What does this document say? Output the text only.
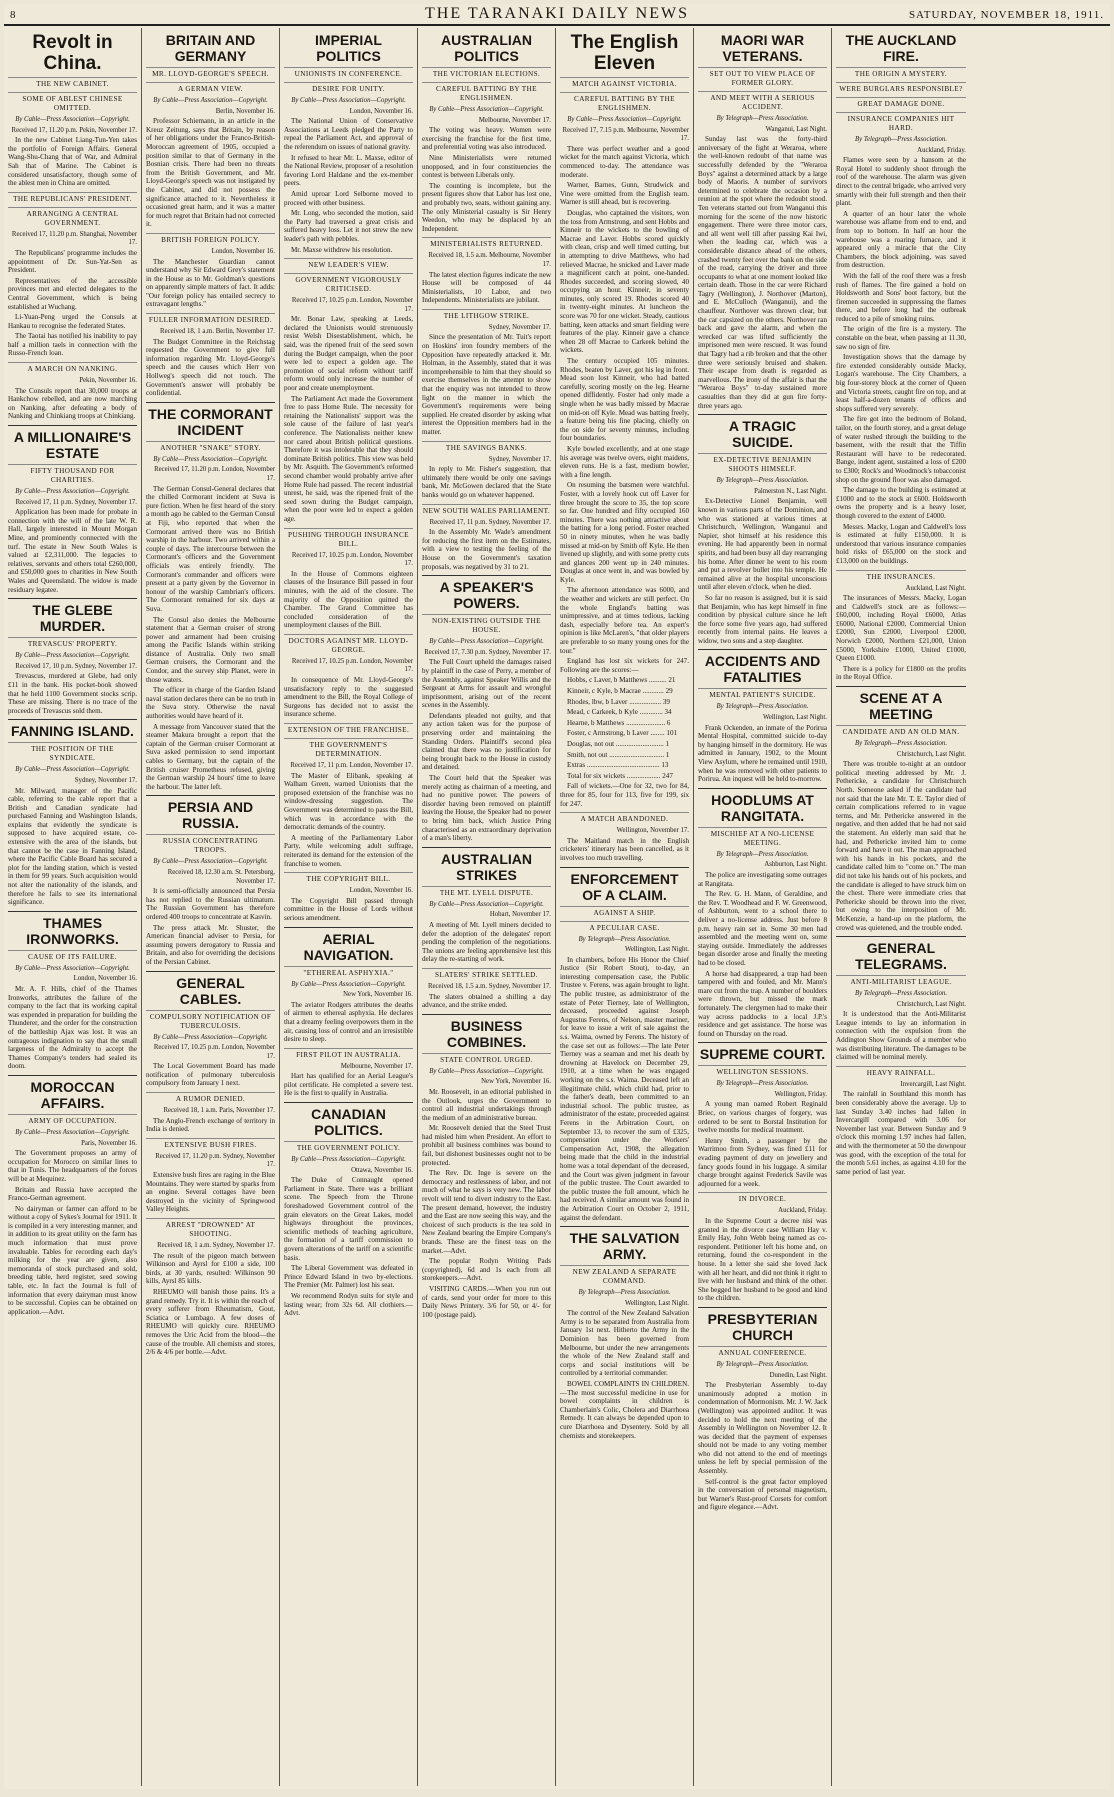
8	THE TARANAKI DAILY NEWS	SATURDAY, NOVEMBER 18, 1911.
Revolt in China.
THE NEW CABINET.
SOME OF ABLEST CHINESE OMITTED.
By Cable—Press Association—Copyright.
Received 17, 11.20 p.m. Pekin, November 17.

In the new Cabinet Liang-Tun-Yen takes the portfolio of Foreign Affairs. General Wang-Shu-Chang that of War, and Admiral Sah that of Marine. The Cabinet is considered unsatisfactory, though some of the ablest men in China are omitted.

THE REPUBLICANS' PRESIDENT.
ARRANGING A CENTRAL GOVERNMENT.
Received 17, 11.20 p.m. Shanghai, November 17.

The Republicans' programme includes the appointment of Dr. Sun-Yat-Sen as President.

Representatives of the accessible provinces met and elected delegates to the Central Government, which is being established at Wuchang.

Li-Yuan-Peng urged the Consuls at Hankau to recognise the federated States.

The Taotai has notified his inability to pay half a million taels in connection with the Russo-French loan.

A MARCH ON NANKING.
Pekin, November 16.

The Consuls report that 30,000 troops at Hankchow rebelled, and are now marching on Nanking, after defeating a body of Nanking and Chinkiang troops at Chinkiang.

A MILLIONAIRE'S ESTATE
FIFTY THOUSAND FOR CHARITIES.
By Cable—Press Association—Copyright.
Received 17, 11 p.m. Sydney, November 17.

Application has been made for probate in connection with the will of the late W. R. Hall, largely interested in Mount Morgan Mine, and prominently connected with the turf. The estate in New South Wales is valued at £2,311,000. The legacies to relatives, servants and others total £260,000, and £50,000 goes to charities in New South Wales and Queensland. The widow is made residuary legatee.

THE GLEBE MURDER.
TREVASCUS' PROPERTY.
By Cable—Press Association—Copyright.
Received 17, 10 p.m. Sydney, November 17.

Trevascus, murdered at Glebe, had only £11 in the bank. His pocket-book showed that he held 1100 Government stocks scrip. These are missing. There is no trace of the proceeds of Trevascus sold them.

FANNING ISLAND.
THE POSITION OF THE SYNDICATE.
By Cable—Press Association—Copyright.
Sydney, November 17.

Mr. Milward, manager of the Pacific cable, referring to the cable report that a British and Canadian syndicate had purchased Fanning and Washington Islands, explains that evidently the syndicate is supposed to have acquired estate, co-extensive with the area of the islands, but that cannot be the case in Fanning Island, where the Pacific Cable Board has secured a plot for the landing station, which is vested in them for 99 years. Such acquisition would not alter the nationality of the islands, and therefore he fails to see its international significance.

THAMES IRONWORKS.
CAUSE OF ITS FAILURE.
By Cable—Press Association—Copyright.
London, November 16.

Mr. A. F. Hills, chief of the Thames Ironworks, attributes the failure of the company to the fact that its working capital was expended in preparation for building the Thunderer, and the order for the construction of the battleship Ajax was lost. It was an outrageous indignation to say that the small largeness of the Admiralty to accept the Thames Company's tenders had sealed its doom.

MOROCCAN AFFAIRS.
ARMY OF OCCUPATION.
By Cable—Press Association—Copyright.
Paris, November 16.

The Government proposes an army of occupation for Morocco on similar lines to that in Tunis. The headquarters of the forces will be at Mequinez.

Britain and Russia have accepted the Franco-German agreement.

No dairyman or farmer can afford to be without a copy of Sykes's Journal for 1911. It is compiled in a very interesting manner, and in addition to its great utility on the farm has much information that must prove invaluable. Tables for recording each day's milking for the year are given, also memoranda of stock purchased and sold, breeding table, herd register, seed sowing table, etc. In fact the Journal is full of information that every dairyman must know to be successful. Copies can be obtained on application.—Advt.

BRITAIN AND GERMANY
MR. LLOYD-GEORGE'S SPEECH.
A GERMAN VIEW.
By Cable—Press Association—Copyright.
Berlin, November 16.

Professor Schiemann, in an article in the Kreuz Zeitung, says that Britain, by reason of her obligations under the Franco-British-Moroccan agreement of 1905, occupied a position similar to that of Germany in the Bosnian crisis. There had been no threats from the British Government, and Mr. Lloyd-George's speech was not instigated by the Cabinet, and did not possess the significance attached to it. Nevertheless it occasioned great harm, and it was a matter for much regret that Britain had not corrected it.

BRITISH FOREIGN POLICY.
London, November 16.

The Manchester Guardian cannot understand why Sir Edward Grey's statement in the House as to Mr. Goldman's questions on apparently simple matters of fact. It adds: "Our foreign policy has entailed secrecy to extravagant lengths."

FULLER INFORMATION DESIRED.
Received 18, 1 a.m. Berlin, November 17.

The Budget Committee in the Reichstag requested the Government to give full information regarding Mr. Lloyd-George's speech and the causes which Herr von Hollweg's speech did not touch. The Government's answer will probably be confidential.

THE CORMORANT INCIDENT
ANOTHER "SNAKE" STORY.
By Cable—Press Association—Copyright.
Received 17, 11.20 p.m. London, November 17.

The German Consul-General declares that the chilled Cormorant incident at Suva is pure fiction. When he first heard of the story a month ago he cabled to the German Consul at Fiji, who reported that when the Cormorant arrived there was no British warship in the harbour. Two arrived within a couple of days. The intercourse between the Cormorant's officers and the Government officials was entirely friendly. The Cormorant's commander and officers were present at a party given by the Governor in honour of the warship Cambrian's officers. The Cormorant remained for six days at Suva.

The Consul also denies the Melbourne statement that a German cruiser of strong power and armament had been cruising among the Pacific Islands within striking distance of Australia. Only two small German cruisers, the Cormorant and the Condor, and the survey ship Planet, were in those waters.

The officer in charge of the Garden Island naval station declares there can be no truth in the Suva story. Otherwise the naval authorities would have heard of it.

A message from Vancouver stated that the steamer Makura brought a report that the captain of the German cruiser Cormorant at Suva asked permission to send important cables to Germany, but the captain of the British cruiser Prometheus refused, giving the German warship 24 hours' time to leave the harbour. The latter left.

PERSIA AND RUSSIA.
RUSSIA CONCENTRATING TROOPS.
By Cable—Press Association—Copyright.
Received 18, 12.30 a.m. St. Petersburg, November 17.

It is semi-officially announced that Persia has not replied to the Russian ultimatum. The Russian Government has therefore ordered 400 troops to concentrate at Kasvin.

The press attack Mr. Shuster, the American financial adviser to Persia, for assuming powers derogatory to Russia and Britain, and also for overriding the decisions of the Persian Cabinet.

GENERAL CABLES.
COMPULSORY NOTIFICATION OF TUBERCULOSIS.
By Cable—Press Association—Copyright.
Received 17, 10.25 p.m. London, November 17.

The Local Government Board has made notification of pulmonary tuberculosis compulsory from January 1 next.

A RUMOR DENIED.
Received 18, 1 a.m. Paris, November 17.

The Anglo-French exchange of territory in India is denied.

EXTENSIVE BUSH FIRES.
Received 17, 11.20 p.m. Sydney, November 17.

Extensive bush fires are raging in the Blue Mountains. They were started by sparks from an engine. Several cottages have been destroyed in the vicinity of Springwood Valley Heights.

ARREST "DROWNED" AT SHOOTING.
Received 18, 1 a.m. Sydney, November 17.

The result of the pigeon match between Wilkinson and Ayrsl for £100 a side, 100 birds, at 30 yards, resulted: Wilkinson 90 kills, Ayrsl 85 kills.

RHEUMO will banish those pains. It's a grand remedy. Try it. It is within the reach of every sufferer from Rheumatism, Gout, Sciatica or Lumbago. A few doses of RHEUMO will quickly cure. RHEUMO removes the Uric Acid from the blood—the cause of the trouble. All chemists and stores, 2/6 & 4/6 per bottle.—Advt.

IMPERIAL POLITICS
UNIONISTS IN CONFERENCE.
DESIRE FOR UNITY.
By Cable—Press Association—Copyright.
London, November 16.

The National Union of Conservative Associations at Leeds pledged the Party to repeal the Parliament Act, and approval of the referendum on issues of national gravity.

It refused to hear Mr. L. Maxse, editor of the National Review, proposer of a resolution favoring Lord Haldane and the ex-member peers.

Amid uproar Lord Selborne moved to proceed with other business.

Mr. Long, who seconded the motion, said the Party had traversed a great crisis and suffered heavy loss. Let it not strew the new leader's path with pebbles.

Mr. Maxse withdrew his resolution.

NEW LEADER'S VIEW.
GOVERNMENT VIGOROUSLY CRITICISED.
Received 17, 10.25 p.m. London, November 17.

Mr. Bonar Law, speaking at Leeds, declared the Unionists would strenuously resist Welsh Disestablishment, which, he said, was the ripened fruit of the seed sown during the Budget campaign, when the poor were led to expect a golden age. The promotion of social reform without tariff reform would only increase the number of poor and create unemployment.

The Parliament Act made the Government free to pass Home Rule. The necessity for retaining the Nationalists' support was the sole cause of the failure of last year's conference. The Nationalists neither knew nor cared about British political questions. Therefore it was intolerable that they should dominate British politics. This view was held by Mr. Asquith. The Government's reformed second chamber would probably arrive after Home Rule had passed. The recent industrial unrest, he said, was the ripened fruit of the seed sown during the Budget campaign, when the poor were led to expect a golden age.

PUSHING THROUGH INSURANCE BILL.
Received 17, 10.25 p.m. London, November 17.

In the House of Commons eighteen clauses of the Insurance Bill passed in four minutes, with the aid of the closure. The majority of the Opposition quitted the Chamber. The Grand Committee has concluded consideration of the unemployment clauses of the Bill.

DOCTORS AGAINST MR. LLOYD-GEORGE.
Received 17, 10.25 p.m. London, November 17.

In consequence of Mr. Lloyd-George's unsatisfactory reply to the suggested amendment to the Bill, the Royal College of Surgeons has decided not to assist the insurance scheme.

EXTENSION OF THE FRANCHISE.
THE GOVERNMENT'S DETERMINATION.
Received 17, 11 p.m. London, November 17.

The Master of Elibank, speaking at Walham Green, warned Unionists that the proposed extension of the franchise was no window-dressing suggestion. The Government was determined to pass the Bill, which was in accordance with the democratic demands of the country.

A meeting of the Parliamentary Labor Party, while welcoming adult suffrage, reiterated its demand for the extension of the franchise to women.

THE COPYRIGHT BILL.
London, November 16.

The Copyright Bill passed through committee in the House of Lords without serious amendment.

AERIAL NAVIGATION.
"ETHEREAL ASPHYXIA."
By Cable—Press Association—Copyright.
New York, November 16.

The aviator Rodgers attributes the deaths of airmen to ethereal asphyxia. He declares that a dreamy feeling overpowers them in the air, causing loss of control and an irresistible desire to sleep.

FIRST PILOT IN AUSTRALIA.
Melbourne, November 17.

Hart has qualified for an Aerial League's pilot certificate. He completed a severe test. He is the first to qualify in Australia.

CANADIAN POLITICS.
THE GOVERNMENT POLICY.
By Cable—Press Association—Copyright.
Ottawa, November 16.

The Duke of Connaught opened Parliament in State. There was a brilliant scene. The Speech from the Throne foreshadowed Government control of the grain elevators on the Great Lakes, model highways throughout the provinces, scientific methods of teaching agriculture, the formation of a tariff commission to govern alterations of the tariff on a scientific basis.

The Liberal Government was defeated in Prince Edward Island in two by-elections. The Premier (Mr. Palmer) lost his seat.

We recommend Rodyn suits for style and lasting wear; from 32s 6d. All clothiers.—Advt.

AUSTRALIAN POLITICS
THE VICTORIAN ELECTIONS.
CAREFUL BATTING BY THE ENGLISHMEN.
By Cable—Press Association—Copyright.
Melbourne, November 17.

The voting was heavy. Women were exercising the franchise for the first time, and preferential voting was also introduced.

Nine Ministerialists were returned unopposed, and in four constituencies the contest is between Liberals only.

The counting is incomplete, but the present figures show that Labor has lost one, and probably two, seats, without gaining any. The only Ministerial casualty is Sir Henry Weedon, who may be displaced by an Independent.

MINISTERIALISTS RETURNED.
Received 18, 1.5 a.m. Melbourne, November 17.

The latest election figures indicate the new House will be composed of 44 Ministerialists, 10 Labor, and two Independents. Ministerialists are jubilant.

THE LITHGOW STRIKE.
Sydney, November 17.

Since the presentation of Mr. Tuit's report on Hoskins' iron foundry members of the Opposition have repeatedly attacked it. Mr. Holman, in the Assembly, stated that it was incomprehensible to him that they should so exercise themselves in the attempt to show that the enquiry was not intended to throw light on the manner in which the Government's requirements were being supplied. He created disorder by asking what interest the Opposition members had in the matter.

THE SAVINGS BANKS.
Sydney, November 17.

In reply to Mr. Fisher's suggestion, that ultimately there would be only one savings bank, Mr. McGowen declared that the State banks would go on whatever happened.

NEW SOUTH WALES PARLIAMENT.
Received 17, 11 p.m. Sydney, November 17.

In the Assembly Mr. Wade's amendment for reducing the first item on the Estimates, with a view to testing the feeling of the House on the Government's taxation proposals, was negatived by 31 to 21.

A SPEAKER'S POWERS.
NON-EXISTING OUTSIDE THE HOUSE.
By Cable—Press Association—Copyright.
Received 17, 7.30 p.m. Sydney, November 17.

The Full Court upheld the damages raised by plaintiff in the case of Perry, a member of the Assembly, against Speaker Willis and the Sergeant at Arms for assault and wrongful imprisonment, arising out of the recent scenes in the Assembly.

Defendants pleaded not guilty, and that any action taken was for the purpose of preserving order and maintaining the Standing Orders. Plaintiff's second plea claimed that there was no justification for being brought back to the House in custody and detained.

The Court held that the Speaker was merely acting as chairman of a meeting, and had no punitive power. The powers of disorder having been removed on plaintiff leaving the House, the Speaker had no power to bring him back, which Justice Pring characterised as an extraordinary deprivation of a man's liberty.

AUSTRALIAN STRIKES
THE MT. LYELL DISPUTE.
By Cable—Press Association—Copyright.
Hobart, November 17.

A meeting of Mt. Lyell miners decided to defer the adoption of the delegates' report pending the completion of the negotiations. The unions are feeling apprehensive lest this delay the re-starting of work.

SLATERS' STRIKE SETTLED.
Received 18, 1.5 a.m. Sydney, November 17.

The slaters obtained a shilling a day advance, and the strike ended.

BUSINESS COMBINES.
STATE CONTROL URGED.
By Cable—Press Association—Copyright.
New York, November 16.

Mr. Roosevelt, in an editorial published in the Outlook, urges the Government to control all industrial undertakings through the medium of an administrative bureau.

Mr. Roosevelt denied that the Steel Trust had misled him when President. An effort to prohibit all business combines was bound to fail, but dishonest businesses ought not to be protected.

The Rev. Dr. Inge is severe on the democracy and restlessness of labor, and not much of what he says is very new. The labor revolt will tend to divert industry to the East. The present demand, however, the industry and the East are now seeing this way, and the choicest of such products is the tea sold in New Zealand bearing the Empire Company's brands. These are the finest teas on the market.—Advt.

The popular Rodyn Writing Pads (copyrighted), 6d and 1s each from all storekeepers.—Advt.

VISITING CARDS.—When you run out of cards, send your order for more to this Daily News Printery. 3/6 for 50, or 4/- for 100 (postage paid).

The English Eleven
MATCH AGAINST VICTORIA.
CAREFUL BATTING BY THE ENGLISHMEN.
By Cable—Press Association—Copyright.
Received 17, 7.15 p.m. Melbourne, November 17.

There was perfect weather and a good wicket for the match against Victoria, which commenced to-day. The attendance was moderate.

Warner, Barnes, Gunn, Strudwick and Vine were omitted from the English team. Warner is still ahead, but is recovering.

Douglas, who captained the visitors, won the toss from Armstrong, and sent Hobbs and Kinneir to the wickets to the bowling of Macrae and Laver. Hobbs scored quickly with clean, crisp and well timed cutting, but in attempting to drive Matthews, who had relieved Macrae, he snicked and Laver made a magnificent catch at point, one-handed. Rhodes succeeded, and scoring slowed, 40 occupying an hour. Kinneir, in seventy minutes, only scored 19. Rhodes scored 40 in twenty-eight minutes. At luncheon the score was 70 for one wicket. Steady, cautious batting, keen attacks and smart fielding were features of the play. Kinneir gave a chance when 28 off Macrae to Carkeek behind the wickets.

The century occupied 105 minutes. Rhodes, beaten by Laver, got his leg in front. Mead soon lost Kinneir, who had batted carefully, scoring mostly on the leg. Hearne opened diffidently. Foster had only made a single when he was badly missed by Macrae on mid-on off Kyle. Mead was batting freely, a feature being his fine placing, chiefly on the on side for seventy minutes, including four boundaries.

Kyle bowled excellently, and at one stage his average was twelve overs, eight maidens, eleven runs. He is a fast, medium bowler, with a fine length.

On resuming the batsmen were watchful. Foster, with a lovely hook cut off Laver for three brought the score to 35, the top score so far. One hundred and fifty occupied 160 minutes. There was nothing attractive about the batting for a long period. Foster reached 50 in ninety minutes, when he was badly missed at mid-on by Smith off Kyle. He then livened up slightly, and with some pretty cuts and glances 200 went up in 240 minutes. Douglas at once went in, and was bowled by Kyle.

The afternoon attendance was 6000, and the weather and wickets are still perfect. On the whole England's batting was unimpressive, and at times tedious, lacking dash, especially before tea. An expert's opinion is like McLaren's, "that older players are preferable to so many young ones for the tour."

England has lost six wickets for 247. Following are the scores:—

Hobbs, c Laver, b Matthews .......... 21

Kinneir, c Kyle, b Macrae ............ 29

Rhodes, lbw, b Laver .................. 39

Mead, c Carkeek, b Kyle ............. 34

Hearne, b Matthews ...................... 6

Foster, c Armstrong, b Laver ........ 101

Douglas, not out ........................... 1

Smith, not out ............................... 1

Extras ......................................... 13

Total for six wickets ................... 247

Fall of wickets.—One for 32, two for 84, three for 85, four for 113, five for 199, six for 247.

A MATCH ABANDONED.
Wellington, November 17.

The Maitland match in the English cricketers' itinerary has been cancelled, as it involves too much travelling.

ENFORCEMENT OF A CLAIM.
AGAINST A SHIP.
A PECULIAR CASE.
By Telegraph—Press Association.
Wellington, Last Night.

In chambers, before His Honor the Chief Justice (Sir Robert Stout), to-day, an interesting compensation case, the Public Trustee v. Ferens, was again brought to light. The public trustee, as administrator of the estate of Peter Tierney, late of Wellington, deceased, proceeded against Joseph Augustus Ferens, of Nelson, master mariner, for leave to issue a writ of sale against the s.s. Waima, owned by Ferens. The history of the case set out as follows:—The late Peter Tierney was a seaman and met his death by drowning at Havelock on December 29, 1910, at a time when he was engaged working on the s.s. Waima. Deceased left an illegitimate child, which child had, prior to the father's death, been committed to an industrial school. The public trustee, as administrator of the estate, proceeded against Ferens in the Arbitration Court, on September 13, to recover the sum of £325, compensation under the Workers' Compensation Act, 1908, the allegation being made that the child in the industrial home was a total dependant of the deceased, and the Court was given judgment in favour of the public trustee. The Court awarded to the public trustee the full amount, which he had received. A similar amount was found in the Arbitration Court on October 2, 1911, against the defendant.

THE SALVATION ARMY.
NEW ZEALAND A SEPARATE COMMAND.
By Telegraph—Press Association.
Wellington, Last Night.

The control of the New Zealand Salvation Army is to be separated from Australia from January 1st next. Hitherto the Army in the Dominion has been governed from Melbourne, but under the new arrangements the whole of the New Zealand staff and corps and social institutions will be controlled by a territorial commander.

BOWEL COMPLAINTS IN CHILDREN.—The most successful medicine in use for bowel complaints in children is Chamberlain's Colic, Cholera and Diarrhoea Remedy. It can always be depended upon to cure Diarrhoea and Dysentery. Sold by all chemists and storekeepers.

MAORI WAR VETERANS.
SET OUT TO VIEW PLACE OF FORMER GLORY.
AND MEET WITH A SERIOUS ACCIDENT.
By Telegraph—Press Association.
Wanganui, Last Night.

Sunday last was the forty-third anniversary of the fight at Weraroa, where the well-known redoubt of that name was successfully defended by the "Weraroa Boys" against a determined attack by a large body of Maoris. A number of survivors determined to celebrate the occasion by a reunion at the spot where the redoubt stood. Ten veterans started out from Wanganui this morning for the scene of the now historic engagement. There were three motor cars, and all went well till after passing Kai Iwi, when the leading car, which was a considerable distance ahead of the others, crashed twenty feet over the bank on the side of the road, carrying the driver and three occupants to what at one moment looked like certain death. Those in the car were Richard Tagry (Wellington), J. Northover (Marton), and E. McCulloch (Wanganui), and the chauffeur. Northover was thrown clear, but the car capsized on the others. Northover ran back and gave the alarm, and when the wrecked car was lifted sufficiently the imprisoned men were rescued. It was found that Tagry had a rib broken and that the other three were seriously bruised and shaken. Their escape from death is regarded as marvellous. The irony of the affair is that the "Weraroa Boys" to-day sustained more casualties than they did at gun fire forty-three years ago.

A TRAGIC SUICIDE.
EX-DETECTIVE BENJAMIN SHOOTS HIMSELF.
By Telegraph—Press Association.
Palmerston N., Last Night.

Ex-Detective Lionel Benjamin, well known in various parts of the Dominion, and who was stationed at various times at Christchurch, Wellington, Wanganui and Napier, shot himself at his residence this evening. He had apparently been in normal spirits, and had been busy all day rearranging his home. After dinner he went to his room and put a revolver bullet into his temple. He remained alive at the hospital unconscious until after eleven o'clock, when he died.

So far no reason is assigned, but it is said that Benjamin, who has kept himself in fine condition by physical culture since he left the force some five years ago, had suffered recently from internal pains. He leaves a widow, two sons and a step daughter.

ACCIDENTS AND FATALITIES
MENTAL PATIENT'S SUICIDE.
By Telegraph—Press Association.
Wellington, Last Night.

Frank Ockenden, an inmate of the Porirua Mental Hospital, committed suicide to-day by hanging himself in the dormitory. He was admitted in January, 1902, to the Mount View Asylum, where he remained until 1910, when he was removed with other patients to Porirua. An inquest will be held to-morrow.

HOODLUMS AT RANGITATA.
MISCHIEF AT A NO-LICENSE MEETING.
By Telegraph—Press Association.
Ashburton, Last Night.

The police are investigating some outrages at Rangitata.

The Rev. G. H. Mann, of Geraldine, and the Rev. T. Woodhead and F. W. Greenwood, of Ashburton, went to a school there to deliver a no-license address. Just before 8 p.m. heavy rain set in. Some 30 men had assembled and the meeting went on, some staying outside. Immediately the addresses began disorder arose and finally the meeting had to be closed.

A horse had disappeared, a trap had been tampered with and fouled, and Mr. Mann's mare cut from the trap. A number of boulders were thrown, but missed the mark fortunately. The clergymen had to make their way across paddocks to a local J.P.'s residence and get assistance. The horse was found on Thursday on the road.

SUPREME COURT.
WELLINGTON SESSIONS.
By Telegraph—Press Association.
Wellington, Friday.

A young man named Robert Reginald Briec, on various charges of forgery, was ordered to be sent to Borstal Institution for twelve months for medical treatment.

Henry Smith, a passenger by the Warrimoo from Sydney, was fined £11 for evading payment of duty on jewellery and fancy goods found in his luggage. A similar charge brought against Frederick Savile was adjourned for a week.

IN DIVORCE.
Auckland, Friday.

In the Supreme Court a decree nisi was granted in the divorce case William Hay v. Emily Hay, John Webb being named as co-respondent. Petitioner left his home and, on returning, found the co-respondent in the house. In a letter she said she loved Jack with all her heart, and did not think it right to live with her husband and think of the other. She begged her husband to be good and kind to the children.

PRESBYTERIAN CHURCH
ANNUAL CONFERENCE.
By Telegraph—Press Association.
Dunedin, Last Night.

The Presbyterian Assembly to-day unanimously adopted a motion in condemnation of Mormonism. Mr. J. W. Jack (Wellington) was appointed auditor. It was decided to hold the next meeting of the Assembly in Wellington on November 12. It was decided that the payment of expenses should not be made to any voting member who did not attend to the end of meetings unless he left by special permission of the Assembly.

Self-control is the great factor employed in the conversation of personal magnetism, but Warner's Rust-proof Corsets for comfort and figure elegance.—Advt.

THE AUCKLAND FIRE.
THE ORIGIN A MYSTERY.
WERE BURGLARS RESPONSIBLE?
GREAT DAMAGE DONE.
INSURANCE COMPANIES HIT HARD.
By Telegraph—Press Association.
Auckland, Friday.

Flames were seen by a hansom at the Royal Hotel to suddenly shoot through the roof of the warehouse. The alarm was given direct to the central brigade, who arrived very smartly with their full strength and then their plant.

A quarter of an hour later the whole warehouse was aflame from end to end, and from top to bottom. In half an hour the warehouse was a roaring furnace, and it appeared only a miracle that the City Chambers, the block adjoining, was saved from destruction.

With the fall of the roof there was a fresh rush of flames. The fire gained a hold on Holdsworth and Sons' boot factory, but the firemen succeeded in suppressing the flames there, and before long had the outbreak reduced to a pile of smoking ruins.

The origin of the fire is a mystery. The constable on the beat, when passing at 11.30, saw no sign of fire.

Investigation shows that the damage by fire extended considerably outside Macky, Logan's warehouse. The City Chambers, a big four-storey block at the corner of Queen and Victoria streets, caught fire on top, and at least half-a-dozen tenants of offices and shops suffered very severely.

The fire got into the bedroom of Boland, tailor, on the fourth storey, and a great deluge of water rushed through the building to the basement, with the result that the Tiffin Restaurant will have to be redecorated. Bange, indent agent, sustained a loss of £200 to £300; Rock's and Woodmock's tobacconist shop on the ground floor was also damaged.

The damage to the building is estimated at £1000 and to the stock at £600. Holdsworth owns the property and is a heavy loser, though covered to the extent of £4000.

Messrs. Macky, Logan and Caldwell's loss is estimated at fully £150,000. It is understood that various insurance companies hold risks of £65,000 on the stock and £13,000 on the buildings.

THE INSURANCES.
Auckland, Last Night.

The insurances of Messrs. Macky, Logan and Caldwell's stock are as follows:—£60,000, including Royal £6000, Atlas £6000, National £2000, Commercial Union £2000, Sun £2000, Liverpool £2000, Norwich £2000, Northern £21,000, Union £5000, Yorkshire £1000, United £1000, Queen £1000.

There is a policy for £1800 on the profits in the Royal Office.

SCENE AT A MEETING
CANDIDATE AND AN OLD MAN.
By Telegraph—Press Association.
Christchurch, Last Night.

There was trouble to-night at an outdoor political meeting addressed by Mr. J. Pethericke, a candidate for Christchurch North. Someone asked if the candidate had not said that the late Mr. T. E. Taylor died of certain complications referred to in vague terms, and Mr. Pethericke answered in the negative, and then added that he had not said the statement. An elderly man said that he had, and Pethericke invited him to come forward and have it out. The man approached with his hands in his pockets, and the candidate called him to "come on." The man did not take his hands out of his pockets, and the candidate is alleged to have struck him on the chest. There were immediate cries that Pethericke should be thrown into the river, but owing to the interposition of Mr. McKenzie, a hand-up on the platform, the crowd was quietened, and the trouble ended.

GENERAL TELEGRAMS.
ANTI-MILITARIST LEAGUE.
By Telegraph—Press Association.
Christchurch, Last Night.

It is understood that the Anti-Militarist League intends to lay an information in connection with the expulsion from the Addington Show Grounds of a member who was distributing literature. The damages to be claimed will be nominal merely.

HEAVY RAINFALL.
Invercargill, Last Night.

The rainfall in Southland this month has been considerably above the average. Up to last Sunday 3.40 inches had fallen in Invercargill compared with 3.06 for November last year. Between Sunday and 9 o'clock this morning 1.97 inches had fallen, and with the thermometer at 50 the downpour was good, with the exception of the total for the month 5.61 inches, as against 4.10 for the same period of last year.
